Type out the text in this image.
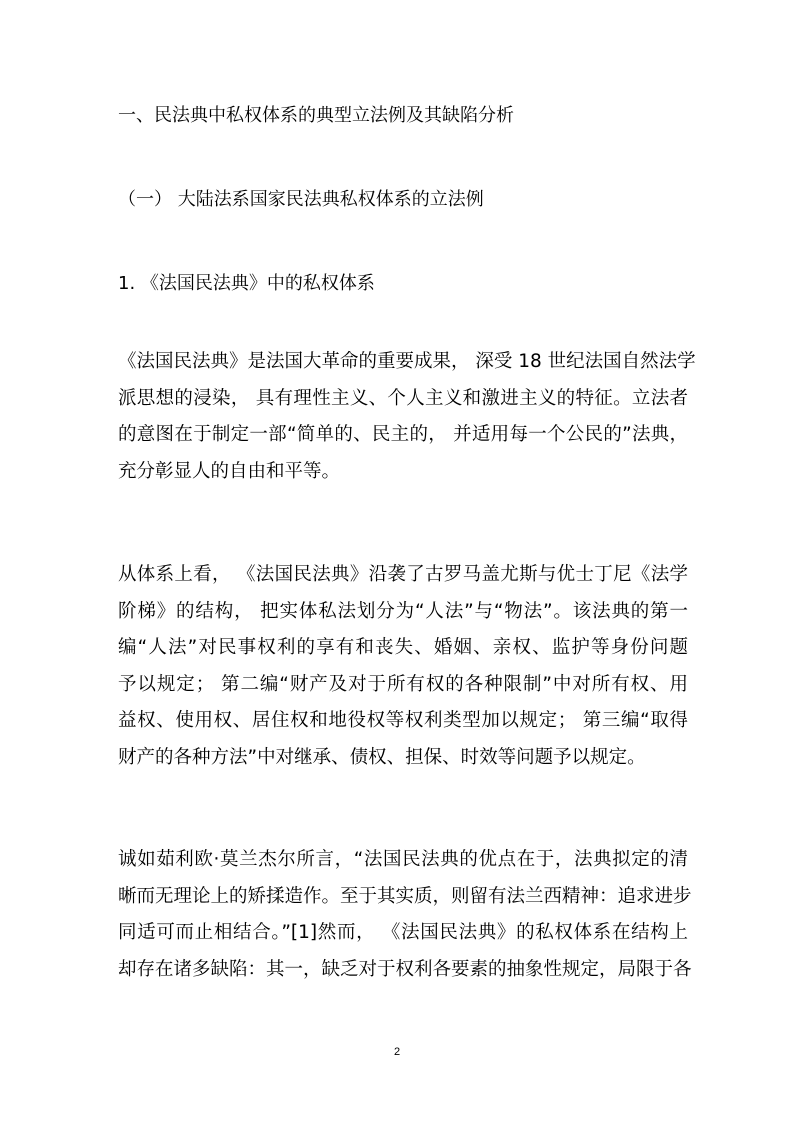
一、民法典中私权体系的典型立法例及其缺陷分析
（一） 大陆法系国家民法典私权体系的立法例
1. 《法国民法典》中的私权体系

《法国民法典》是法国大革命的重要成果， 深受 18 世纪法国自然法学
派思想的浸染， 具有理性主义、个人主义和激进主义的特征。立法者
的意图在于制定一部“简单的、民主的， 并适用每一个公民的”法典，
充分彰显人的自由和平等。

从体系上看， 《法国民法典》沿袭了古罗马盖尤斯与优士丁尼《法学
阶梯》的结构， 把实体私法划分为“人法”与“物法”。该法典的第一
编“人法”对民事权利的享有和丧失、婚姻、亲权、监护等身份问题
予以规定； 第二编“财产及对于所有权的各种限制”中对所有权、用
益权、使用权、居住权和地役权等权利类型加以规定； 第三编“取得
财产的各种方法”中对继承、债权、担保、时效等问题予以规定。

诚如茹利欧·莫兰杰尔所言，“法国民法典的优点在于，法典拟定的清
晰而无理论上的矫揉造作。至于其实质，则留有法兰西精神：追求进步
同适可而止相结合。”[1]然而， 《法国民法典》的私权体系在结构上
却存在诸多缺陷：其一，缺乏对于权利各要素的抽象性规定，局限于各

2
